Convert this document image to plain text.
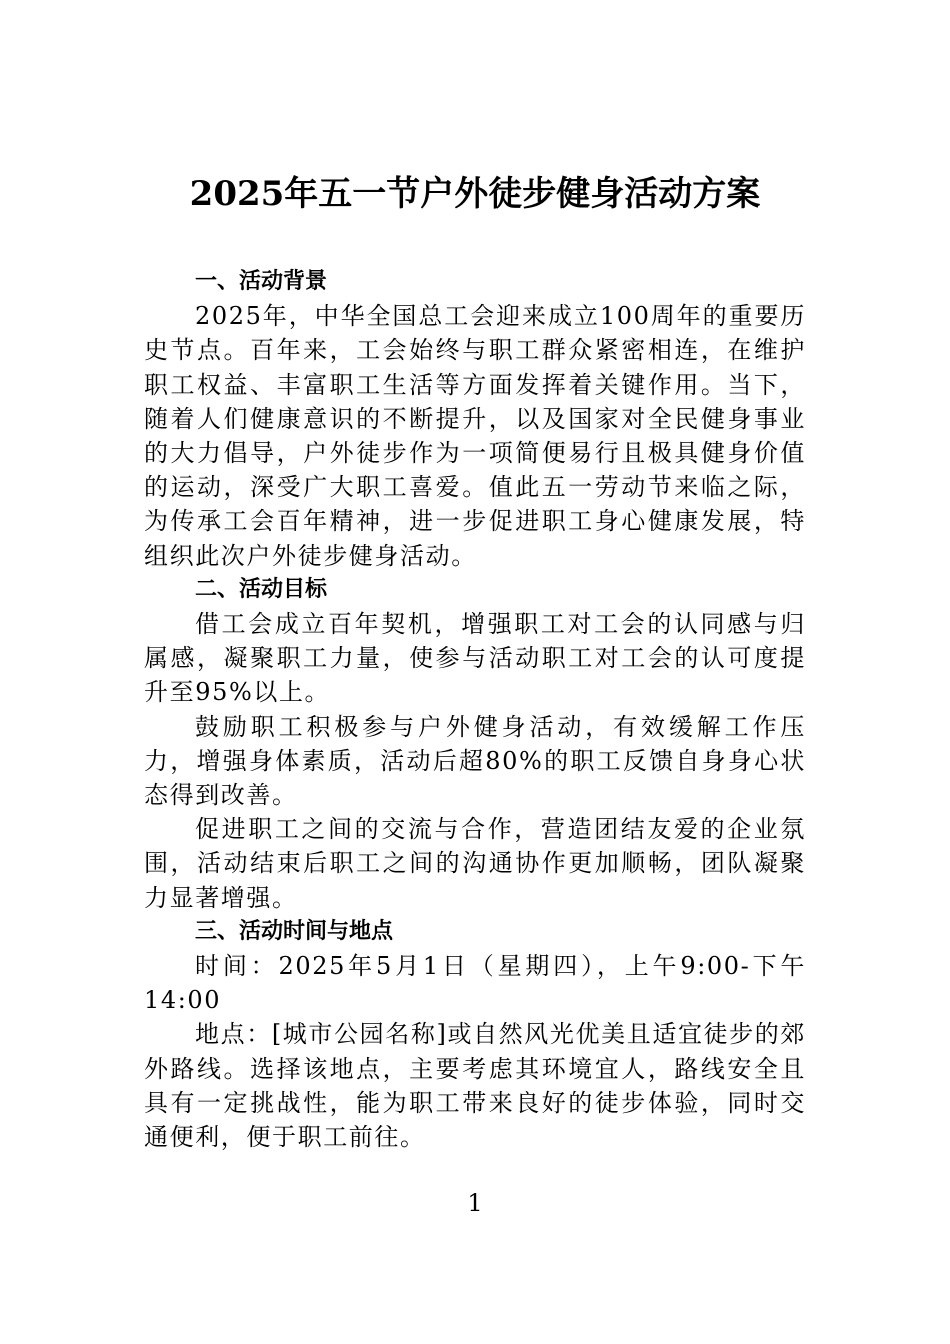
2025年五一节户外徒步健身活动方案

一、活动背景

2025年，中华全国总工会迎来成立100周年的重要历史节点。百年来，工会始终与职工群众紧密相连，在维护职工权益、丰富职工生活等方面发挥着关键作用。当下，随着人们健康意识的不断提升，以及国家对全民健身事业的大力倡导，户外徒步作为一项简便易行且极具健身价值的运动，深受广大职工喜爱。值此五一劳动节来临之际，为传承工会百年精神，进一步促进职工身心健康发展，特组织此次户外徒步健身活动。

二、活动目标

借工会成立百年契机，增强职工对工会的认同感与归属感，凝聚职工力量，使参与活动职工对工会的认可度提升至95%以上。

鼓励职工积极参与户外健身活动，有效缓解工作压力，增强身体素质，活动后超80%的职工反馈自身身心状态得到改善。

促进职工之间的交流与合作，营造团结友爱的企业氛围，活动结束后职工之间的沟通协作更加顺畅，团队凝聚力显著增强。

三、活动时间与地点

时间：2025年5月1日（星期四），上午9:00-下午14:00

地点：[城市公园名称]或自然风光优美且适宜徒步的郊外路线。选择该地点，主要考虑其环境宜人，路线安全且具有一定挑战性，能为职工带来良好的徒步体验，同时交通便利，便于职工前往。

1
